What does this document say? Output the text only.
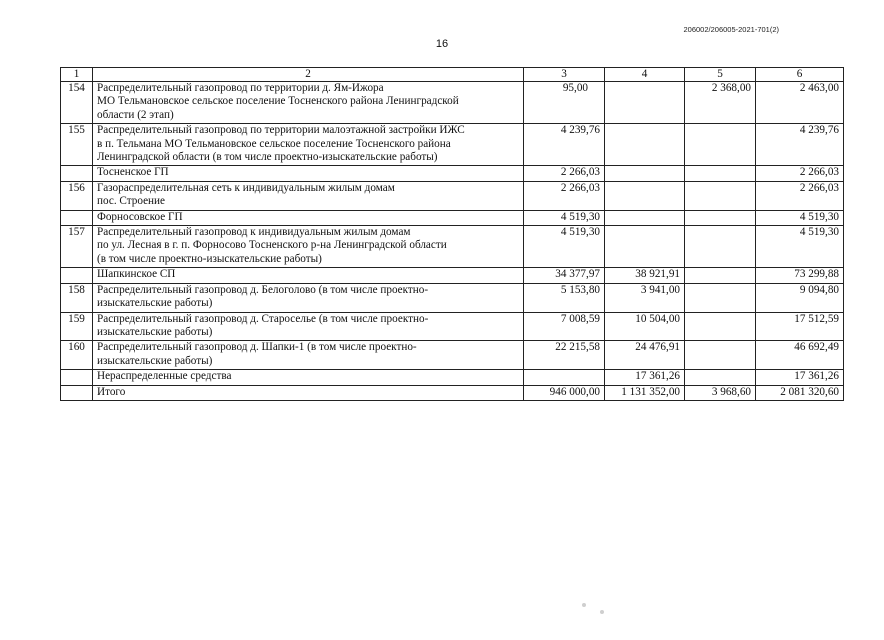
206002/206005-2021-701(2)
16
1	2	3	4	5	6
154	Распределительный газопровод по территории д. Ям-Ижора
МО Тельмановское сельское поселение Тосненского района Ленинградской
области (2 этап)	95,00		2 368,00	2 463,00
155	Распределительный газопровод по территории малоэтажной застройки ИЖС
в п. Тельмана МО Тельмановское сельское поселение Тосненского района
Ленинградской области (в том числе проектно-изыскательские работы)	4 239,76			4 239,76

	Тосненское ГП	2 266,03			2 266,03
156	Газораспределительная сеть к индивидуальным жилым домам
пос. Строение	2 266,03			2 266,03

	Форносовское ГП	4 519,30			4 519,30
157	Распределительный газопровод к индивидуальным жилым домам
по ул. Лесная в г. п. Форносово Тосненского р-на Ленинградской области
(в том числе проектно-изыскательские работы)	4 519,30			4 519,30

	Шапкинское СП	34 377,97	38 921,91		73 299,88
158	Распределительный газопровод д. Белоголово (в том числе проектно-
изыскательские работы)	5 153,80	3 941,00		9 094,80
159	Распределительный газопровод д. Староселье (в том числе проектно-
изыскательские работы)	7 008,59	10 504,00		17 512,59
160	Распределительный газопровод д. Шапки-1 (в том числе проектно-
изыскательские работы)	22 215,58	24 476,91		46 692,49

	Нераспределенные средства		17 361,26		17 361,26

	Итого	946 000,00	1 131 352,00	3 968,60	2 081 320,60
